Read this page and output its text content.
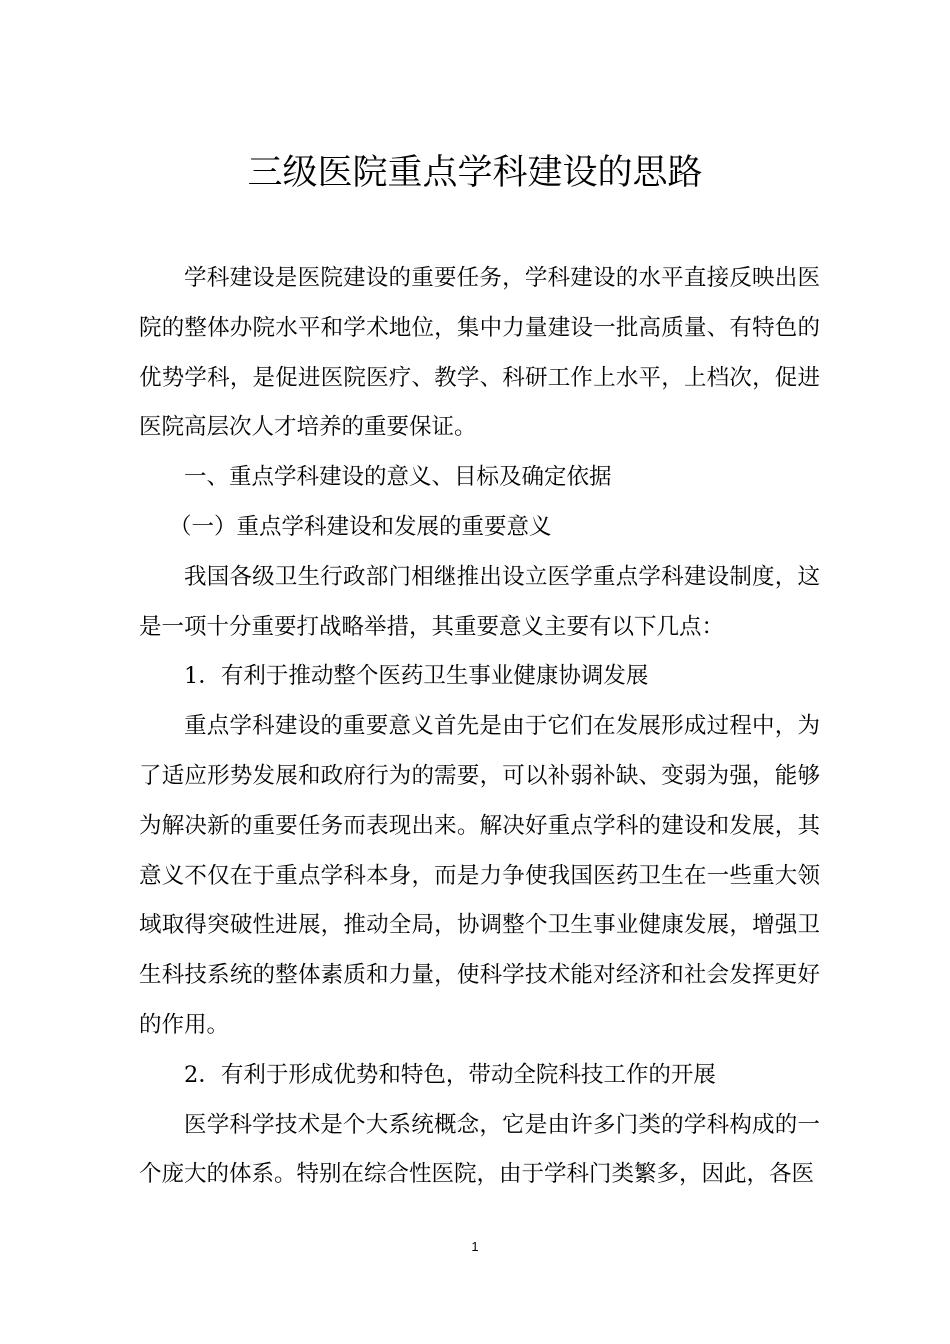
三级医院重点学科建设的思路

学科建设是医院建设的重要任务，学科建设的水平直接反映出医院的整体办院水平和学术地位，集中力量建设一批高质量、有特色的优势学科，是促进医院医疗、教学、科研工作上水平，上档次，促进医院高层次人才培养的重要保证。

一、重点学科建设的意义、目标及确定依据

（一）重点学科建设和发展的重要意义

我国各级卫生行政部门相继推出设立医学重点学科建设制度，这是一项十分重要打战略举措，其重要意义主要有以下几点：

1．有利于推动整个医药卫生事业健康协调发展

重点学科建设的重要意义首先是由于它们在发展形成过程中，为了适应形势发展和政府行为的需要，可以补弱补缺、变弱为强，能够为解决新的重要任务而表现出来。解决好重点学科的建设和发展，其意义不仅在于重点学科本身，而是力争使我国医药卫生在一些重大领域取得突破性进展，推动全局，协调整个卫生事业健康发展，增强卫生科技系统的整体素质和力量，使科学技术能对经济和社会发挥更好的作用。

2．有利于形成优势和特色，带动全院科技工作的开展

医学科学技术是个大系统概念，它是由许多门类的学科构成的一个庞大的体系。特别在综合性医院，由于学科门类繁多，因此，各医

1
